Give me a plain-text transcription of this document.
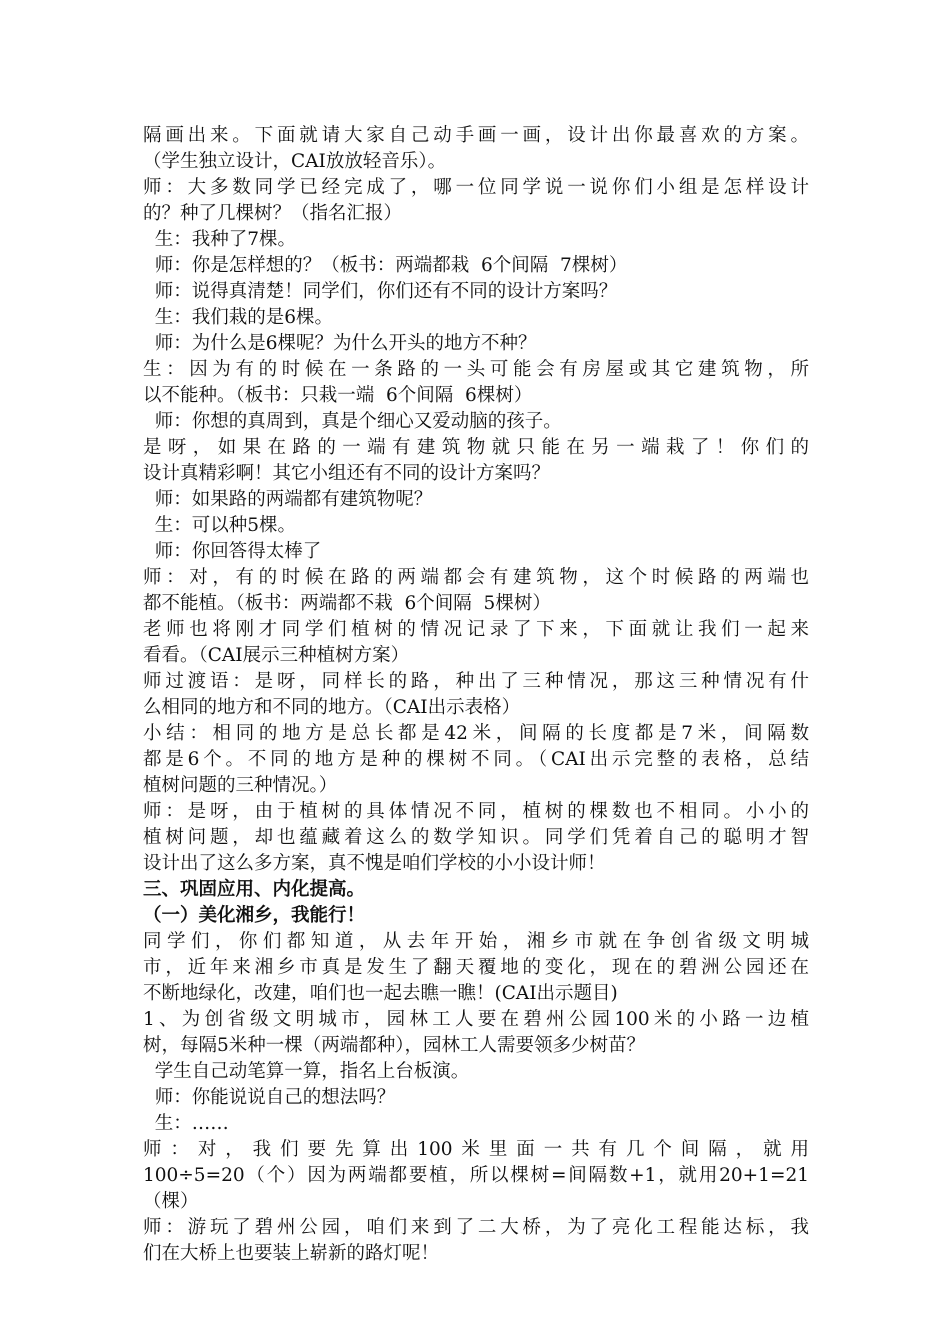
隔画出来。下面就请大家自己动手画一画，设计出你最喜欢的方案。
（学生独立设计，CAI放放轻音乐）。
师：大多数同学已经完成了，哪一位同学说一说你们小组是怎样设计
的？种了几棵树？（指名汇报）
生：我种了7棵。
师：你是怎样想的？（板书：两端都栽  6个间隔  7棵树）
师：说得真清楚！同学们，你们还有不同的设计方案吗？
生：我们栽的是6棵。
师：为什么是6棵呢？为什么开头的地方不种？
生：因为有的时候在一条路的一头可能会有房屋或其它建筑物，所
以不能种。（板书：只栽一端  6个间隔  6棵树）
师：你想的真周到，真是个细心又爱动脑的孩子。
是呀，如果在路的一端有建筑物就只能在另一端栽了！你们的
设计真精彩啊！其它小组还有不同的设计方案吗？
师：如果路的两端都有建筑物呢？
生：可以种5棵。
师：你回答得太棒了
师：对，有的时候在路的两端都会有建筑物，这个时候路的两端也
都不能植。（板书：两端都不栽  6个间隔  5棵树）
老师也将刚才同学们植树的情况记录了下来，下面就让我们一起来
看看。（CAI展示三种植树方案）
师过渡语：是呀，同样长的路，种出了三种情况，那这三种情况有什
么相同的地方和不同的地方。（CAI出示表格）
小结：相同的地方是总长都是42米，间隔的长度都是7米，间隔数
都是6个。不同的地方是种的棵树不同。（CAI出示完整的表格，总结
植树问题的三种情况。）
师：是呀，由于植树的具体情况不同，植树的棵数也不相同。小小的
植树问题，却也蕴藏着这么的数学知识。同学们凭着自己的聪明才智
设计出了这么多方案，真不愧是咱们学校的小小设计师！
三、巩固应用、内化提高。
（一）美化湘乡，我能行！
同学们，你们都知道，从去年开始，湘乡市就在争创省级文明城
市，近年来湘乡市真是发生了翻天覆地的变化，现在的碧洲公园还在
不断地绿化，改建，咱们也一起去瞧一瞧！(CAI出示题目)
1、为创省级文明城市，园林工人要在碧州公园100米的小路一边植
树，每隔5米种一棵（两端都种），园林工人需要领多少树苗？
学生自己动笔算一算，指名上台板演。
师：你能说说自己的想法吗？
生：……
师：对，我们要先算出100米里面一共有几个间隔，就用
100÷5=20（个）因为两端都要植，所以棵树=间隔数+1，就用20+1=21
（棵）
师：游玩了碧州公园，咱们来到了二大桥，为了亮化工程能达标，我
们在大桥上也要装上崭新的路灯呢！
